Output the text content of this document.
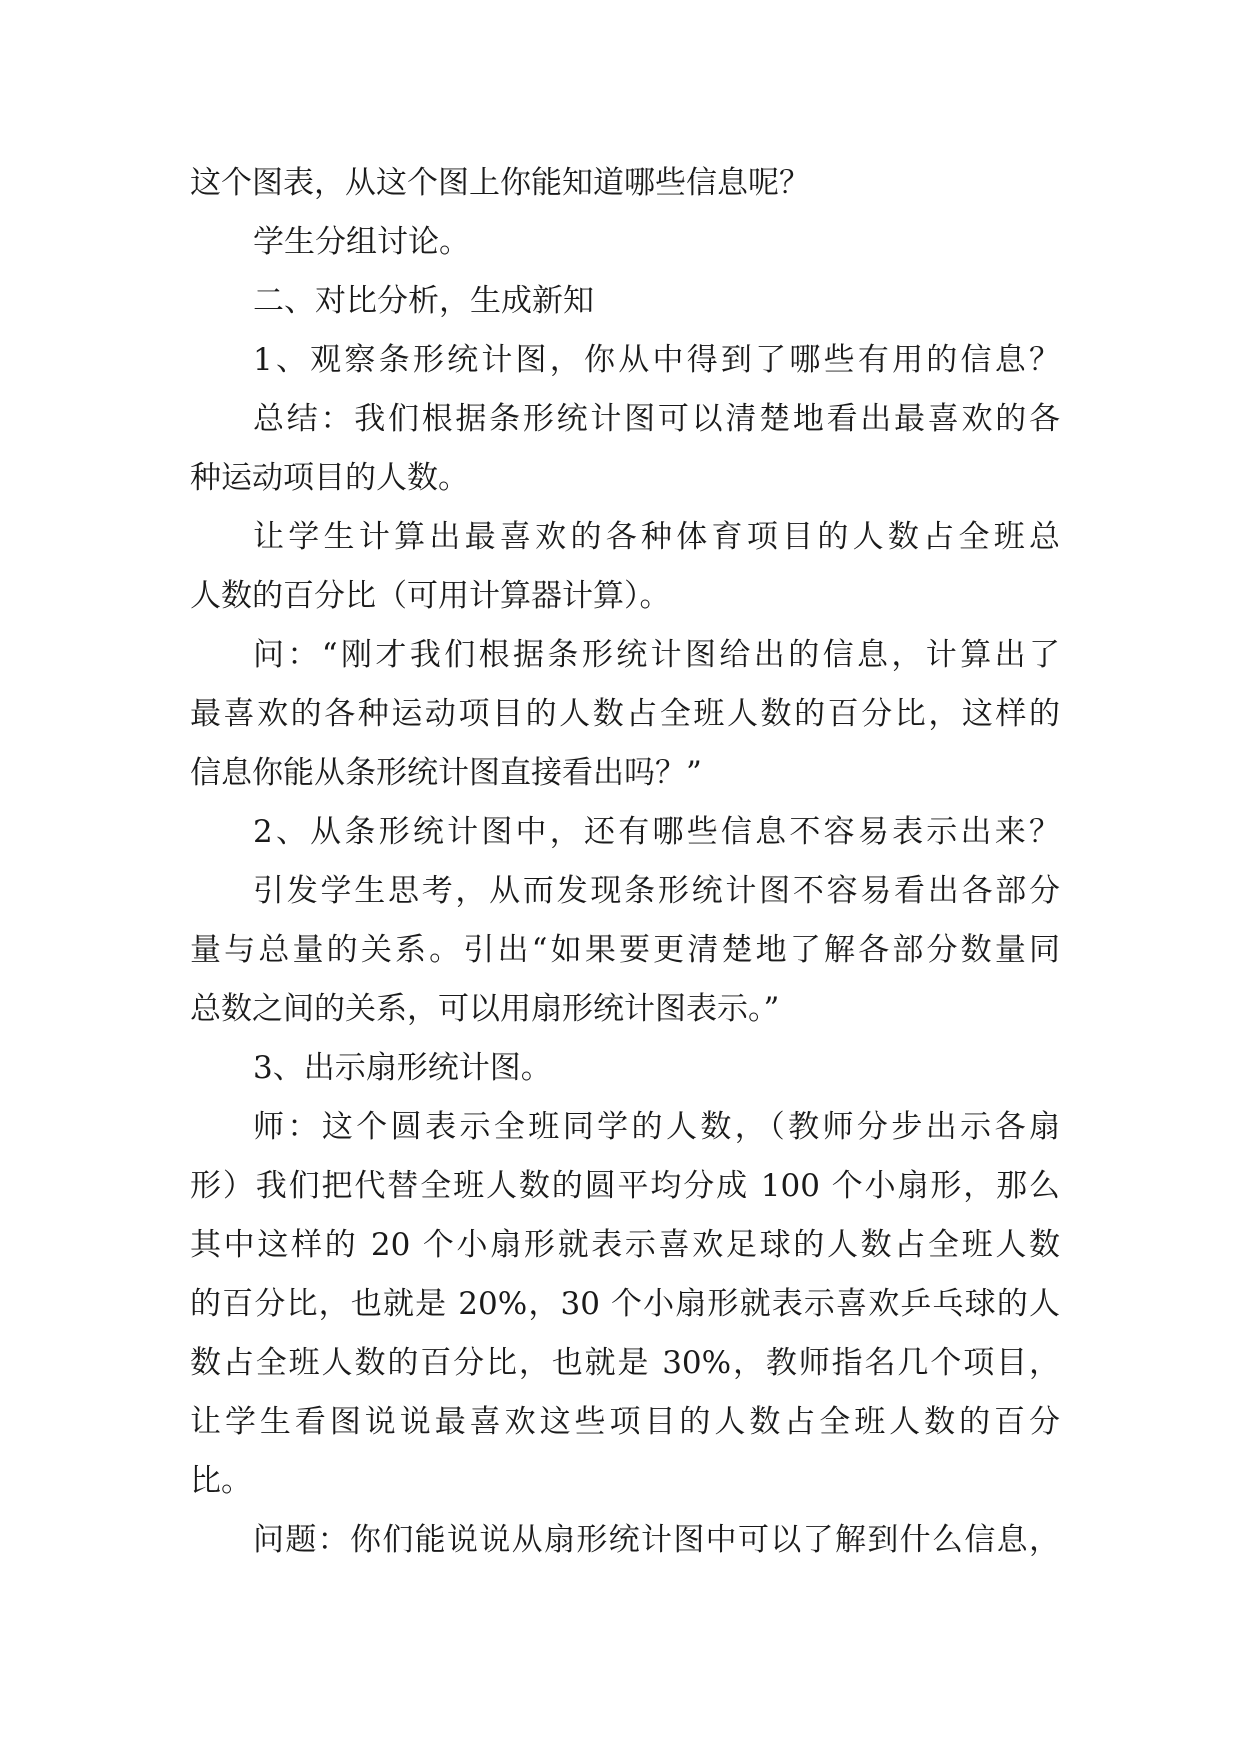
这个图表，从这个图上你能知道哪些信息呢？
学生分组讨论。
二、对比分析，生成新知
1、观察条形统计图，你从中得到了哪些有用的信息？
总结：我们根据条形统计图可以清楚地看出最喜欢的各
种运动项目的人数。
让学生计算出最喜欢的各种体育项目的人数占全班总
人数的百分比（可用计算器计算）。
问：“刚才我们根据条形统计图给出的信息，计算出了
最喜欢的各种运动项目的人数占全班人数的百分比，这样的
信息你能从条形统计图直接看出吗？”
2、从条形统计图中，还有哪些信息不容易表示出来？
引发学生思考，从而发现条形统计图不容易看出各部分
量与总量的关系。引出“如果要更清楚地了解各部分数量同
总数之间的关系，可以用扇形统计图表示。”
3、出示扇形统计图。
师：这个圆表示全班同学的人数，（教师分步出示各扇
形）我们把代替全班人数的圆平均分成 100 个小扇形，那么
其中这样的 20 个小扇形就表示喜欢足球的人数占全班人数
的百分比，也就是 20%，30 个小扇形就表示喜欢乒乓球的人
数占全班人数的百分比，也就是 30%，教师指名几个项目，
让学生看图说说最喜欢这些项目的人数占全班人数的百分
比。
问题：你们能说说从扇形统计图中可以了解到什么信息，
